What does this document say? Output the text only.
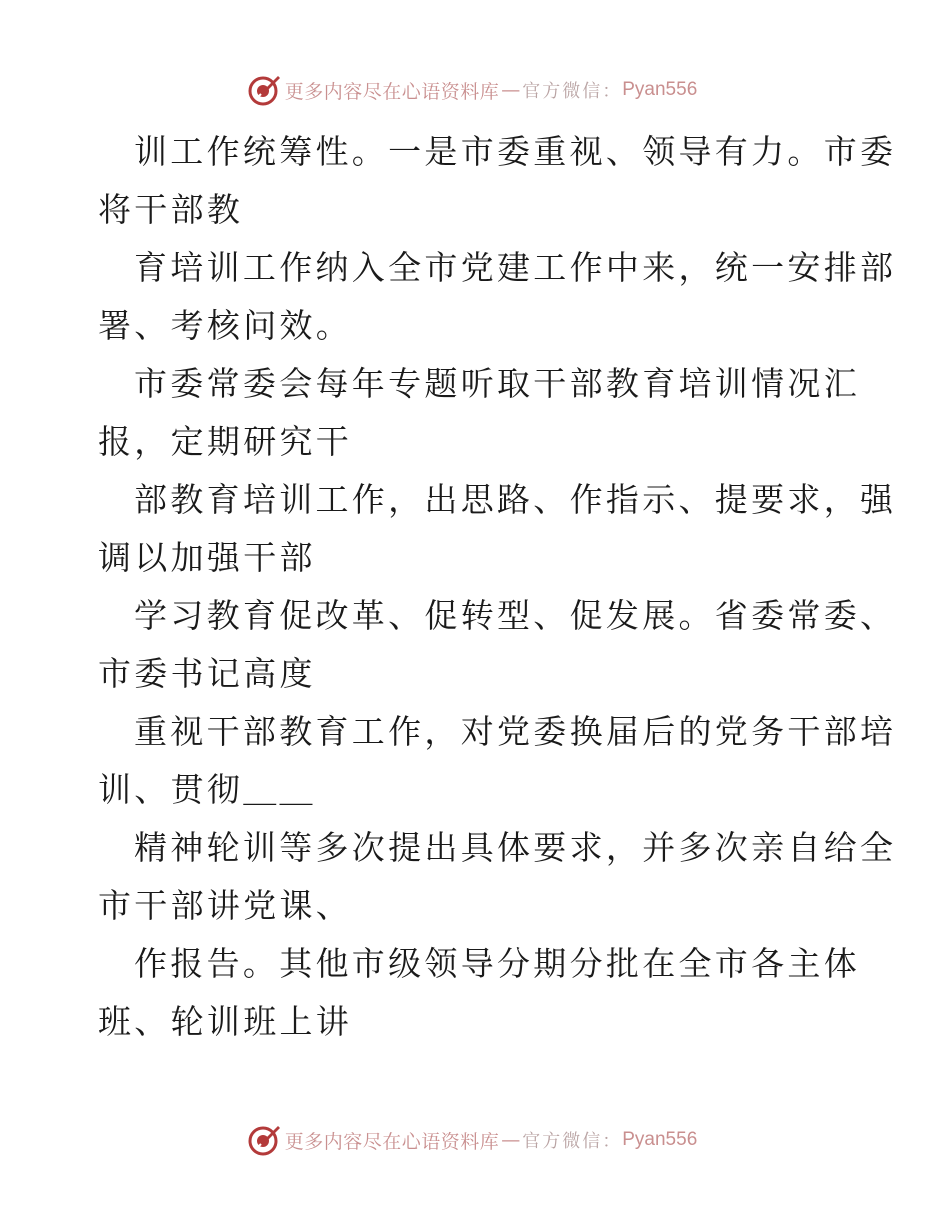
更多内容尽在心语资料库 — 官方微信： Pyan556

训工作统筹性。一是市委重视、领导有力。市委
将干部教

育培训工作纳入全市党建工作中来，统一安排部
署、考核问效。

市委常委会每年专题听取干部教育培训情况汇
报，定期研究干

部教育培训工作，出思路、作指示、提要求，强
调以加强干部

学习教育促改革、促转型、促发展。省委常委、
市委书记高度

重视干部教育工作，对党委换届后的党务干部培
训、贯彻＿＿

精神轮训等多次提出具体要求，并多次亲自给全
市干部讲党课、

作报告。其他市级领导分期分批在全市各主体
班、轮训班上讲

更多内容尽在心语资料库 — 官方微信： Pyan556
